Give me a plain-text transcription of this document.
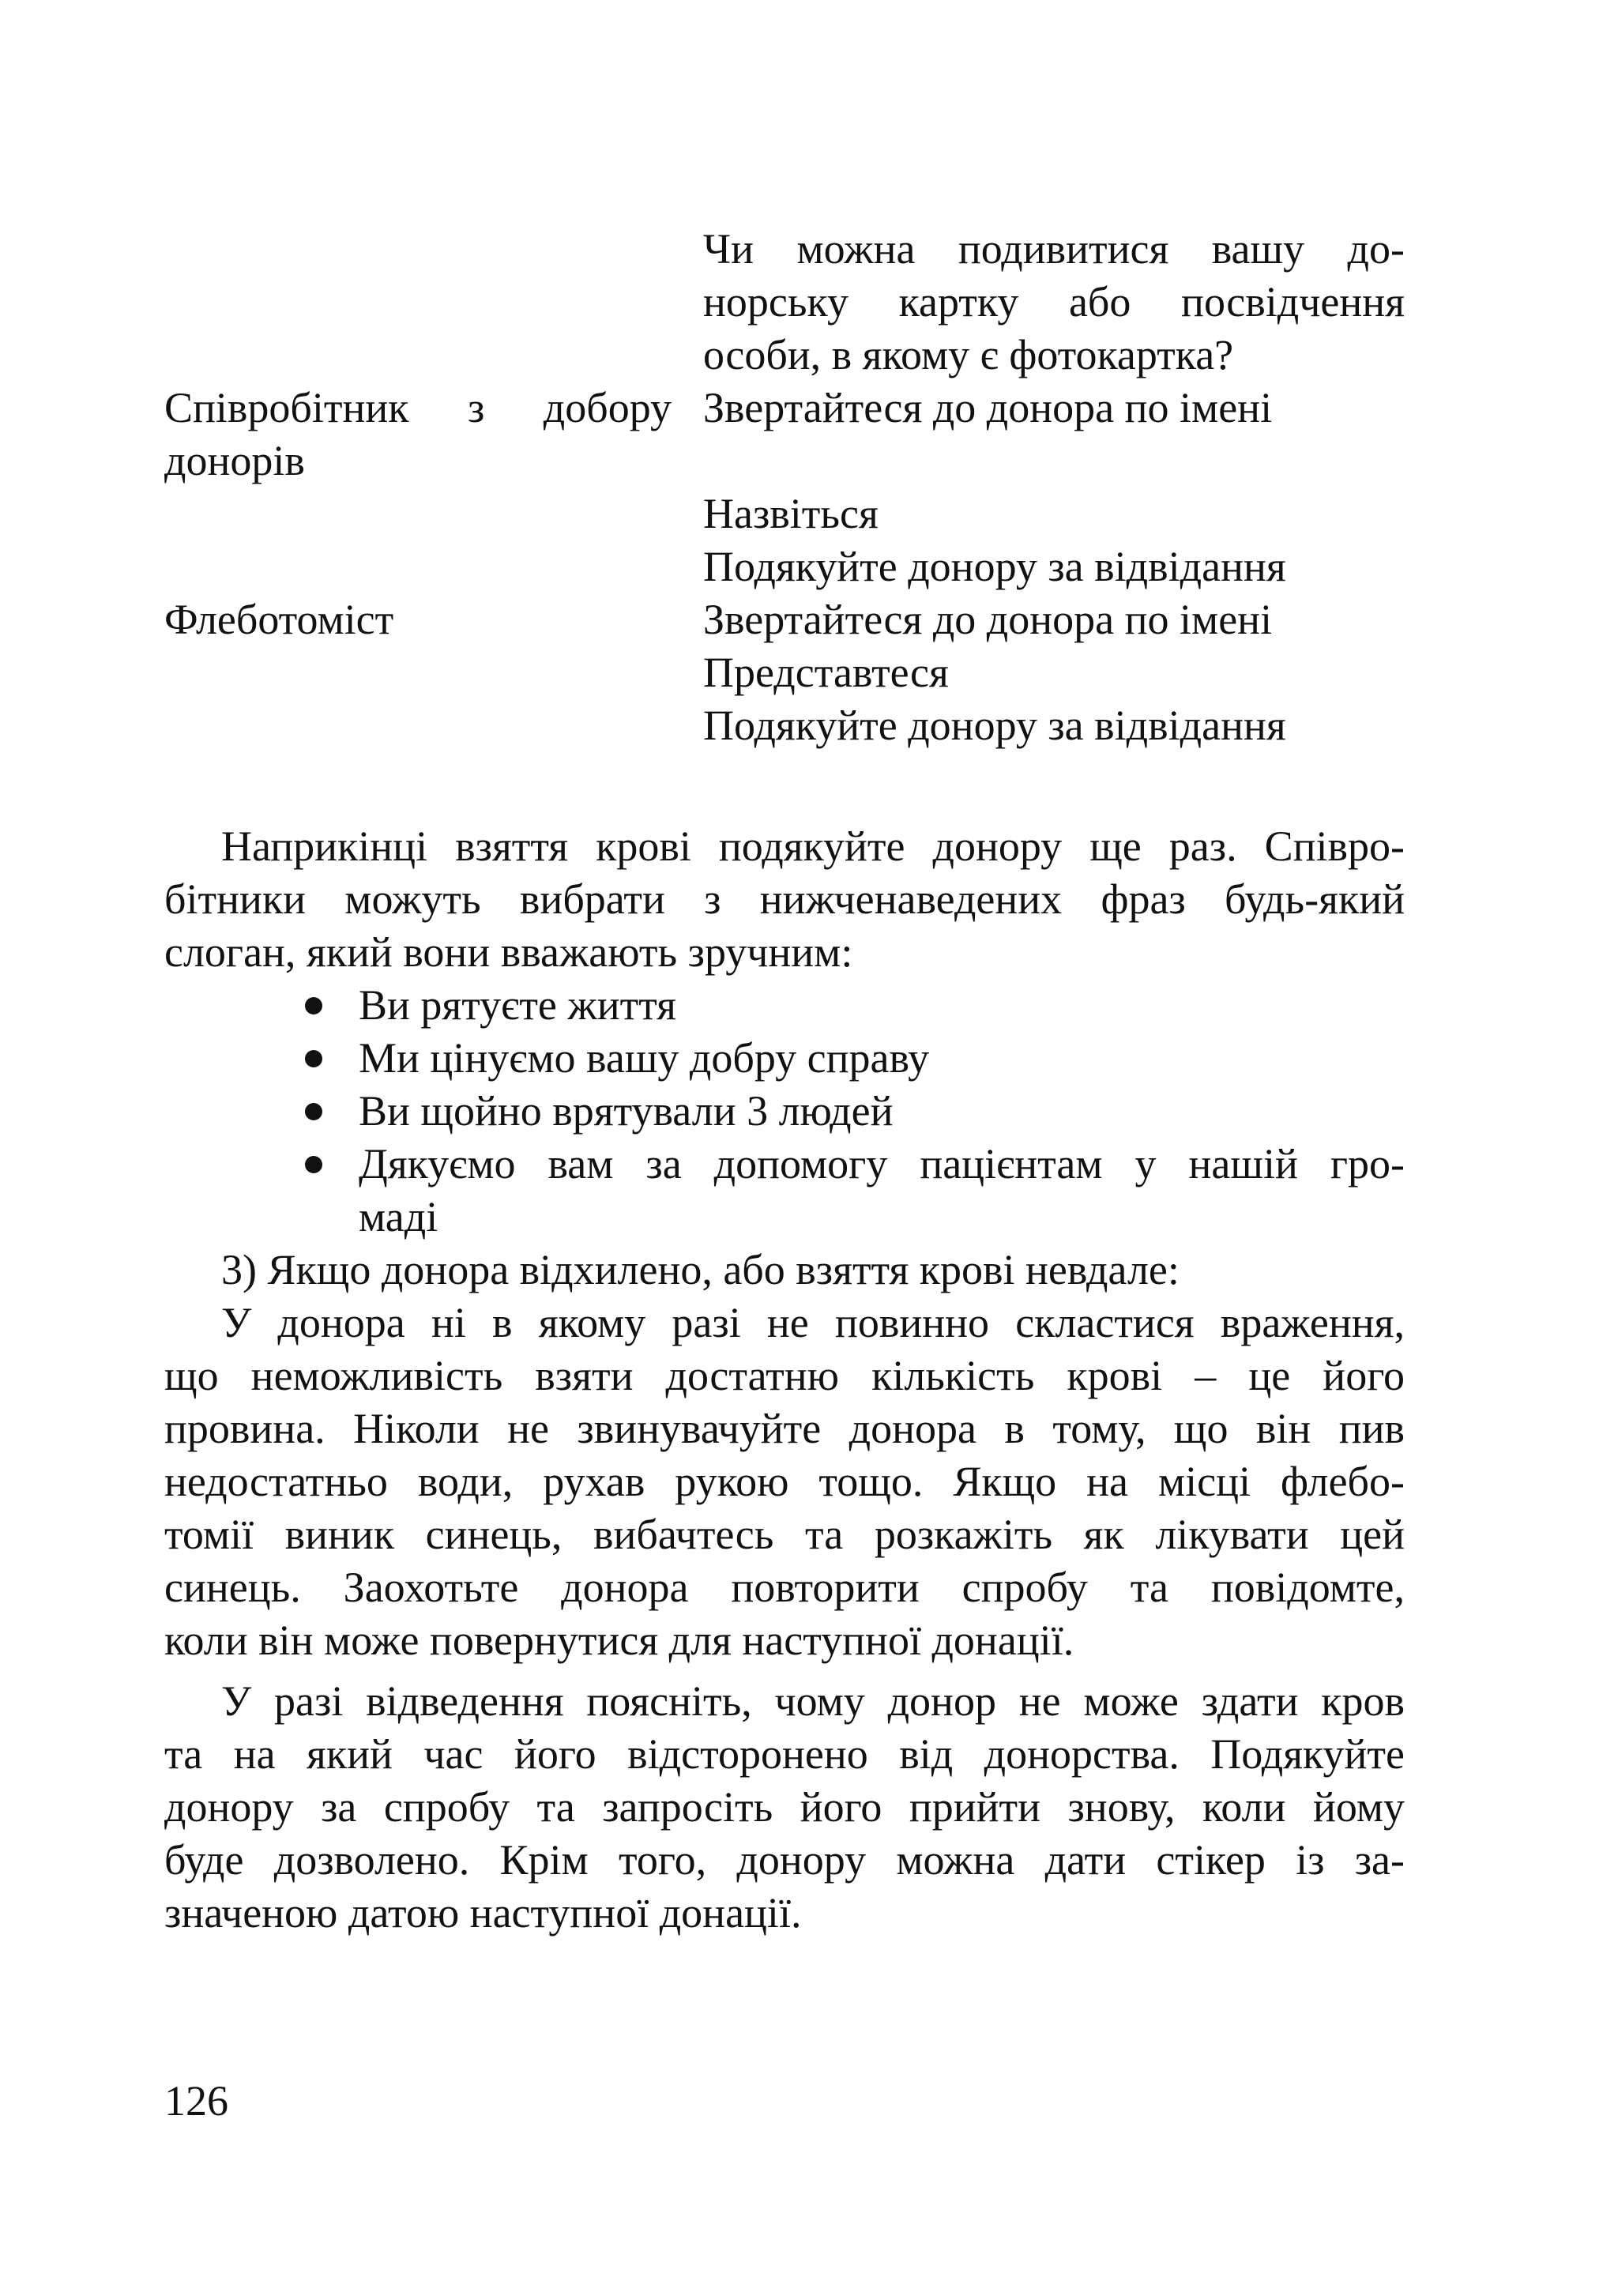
Чи можна подивитися вашу до-
норську картку або посвідчення
особи, в якому є фотокартка?
Співробітник з добору
донорів
Звертайтеся до донора по імені
Назвіться
Подякуйте донору за відвідання
Флеботоміст	Звертайтеся до донора по імені
Представтеся
Подякуйте донору за відвідання
Наприкінці взяття крові подякуйте донору ще раз. Співро-
бітники можуть вибрати з нижченаведених фраз будь-який
слоган, який вони вважають зручним:
Ви рятуєте життя
Ми цінуємо вашу добру справу
Ви щойно врятували 3 людей
Дякуємо вам за допомогу пацієнтам у нашій гро-
маді
3) Якщо донора відхилено, або взяття крові невдале:
У донора ні в якому разі не повинно скластися враження,
що неможливість взяти достатню кількість крові – це його
провина. Ніколи не звинувачуйте донора в тому, що він пив
недостатньо води, рухав рукою тощо. Якщо на місці флебо-
томії виник синець, вибачтесь та розкажіть як лікувати цей
синець. Заохотьте донора повторити спробу та повідомте,
коли він може повернутися для наступної донації.
У разі відведення поясніть, чому донор не може здати кров
та на який час його відсторонено від донорства. Подякуйте
донору за спробу та запросіть його прийти знову, коли йому
буде дозволено. Крім того, донору можна дати стікер із за-
значеною датою наступної донації.
126
